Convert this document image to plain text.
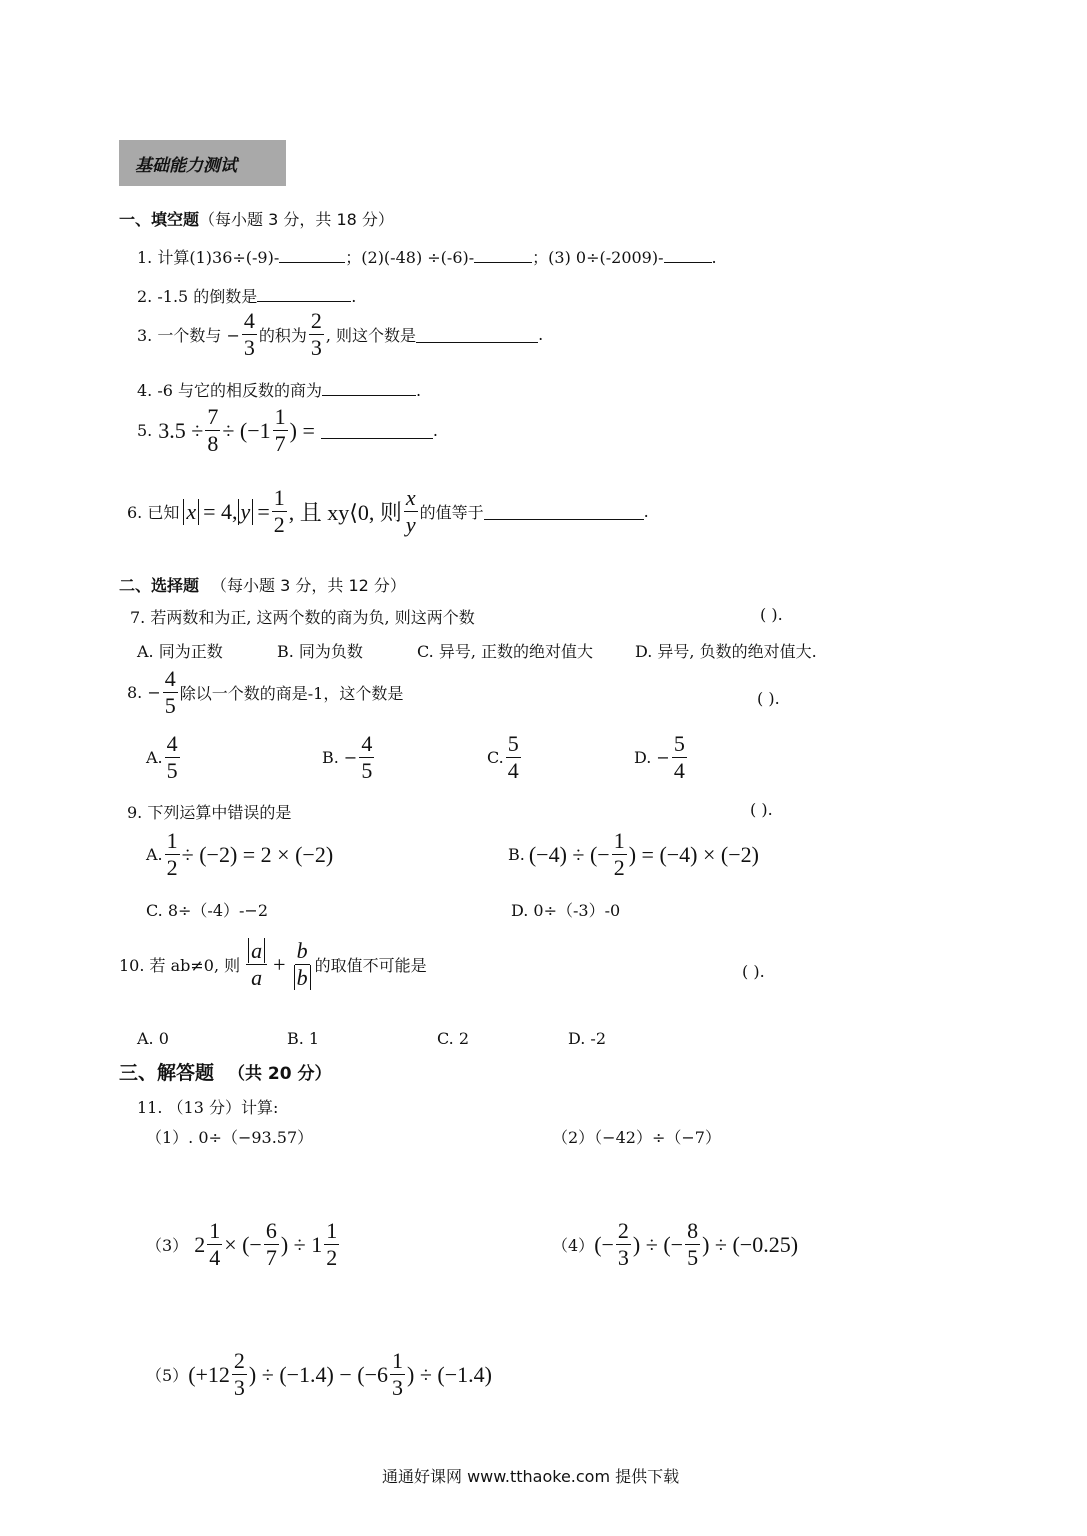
基础能力测试
一、填空题（每小题 3 分，共 18 分）
1. 计算(1)36÷(-9)-	；(2)(-48) ÷(-6)-	；(3) 0÷(-2009)-	.
2. -1.5 的倒数是	.
3. 一个数与 − $\frac{4}{3}$ 的积为 $\frac{2}{3}$ , 则这个数是	.
4. -6 与它的相反数的商为	.
5. $3.5 \div \frac{7}{8} \div (-1 \frac{1}{7}$ ) =	.
6. 已知 x = 4, $y = \frac{1}{2}$ , 且 xy⟨0, 则 $\frac{x}{y}$ 的值等于	.
二、选择题 （每小题 3 分，共 12 分）
7. 若两数和为正, 这两个数的商为负, 则这两个数	( ).
A. 同为正数	B. 同为负数	C. 异号, 正数的绝对值大	D. 异号, 负数的绝对值大.
8. − $\frac{4}{5}$ 除以一个数的商是-1，这个数是	( ).
A. $\frac{4}{5}$	B. − $\frac{4}{5}$	C. $\frac{5}{4}$	D. − $\frac{5}{4}$
9. 下列运算中错误的是	( ).
A. $\frac{1}{2} \div (-2) = 2 \times (-2)$	B. (−4) ÷ (− $\frac{1}{2}$ ) = (−4) × (−2)
C. 8÷（-4）-−2	D. 0÷（-3）-0
10. 若 ab≠0, 则 $\frac{a}{a} + \frac{b}{b}$ 的取值不可能是	( ).
A. 0	B. 1	C. 2	D. -2
三、解答题 （共 20 分）
11. （13 分）计算:
（1）. 0÷（−93.57）	（2）（−42）÷（−7）
（3） $2 \frac{1}{4}$ × (− $\frac{6}{7}$ ) ÷ $1 \frac{1}{2}$	（4） (− $\frac{2}{3}$ ) ÷ (− $\frac{8}{5}$ ) ÷ (−0.25)
（5） ($+12 \frac{2}{3}$ ) ÷ $(-1.4) - (-6 \frac{1}{3}$ ) ÷ (−1.4)
通通好课网 www.tthaoke.com 提供下载
